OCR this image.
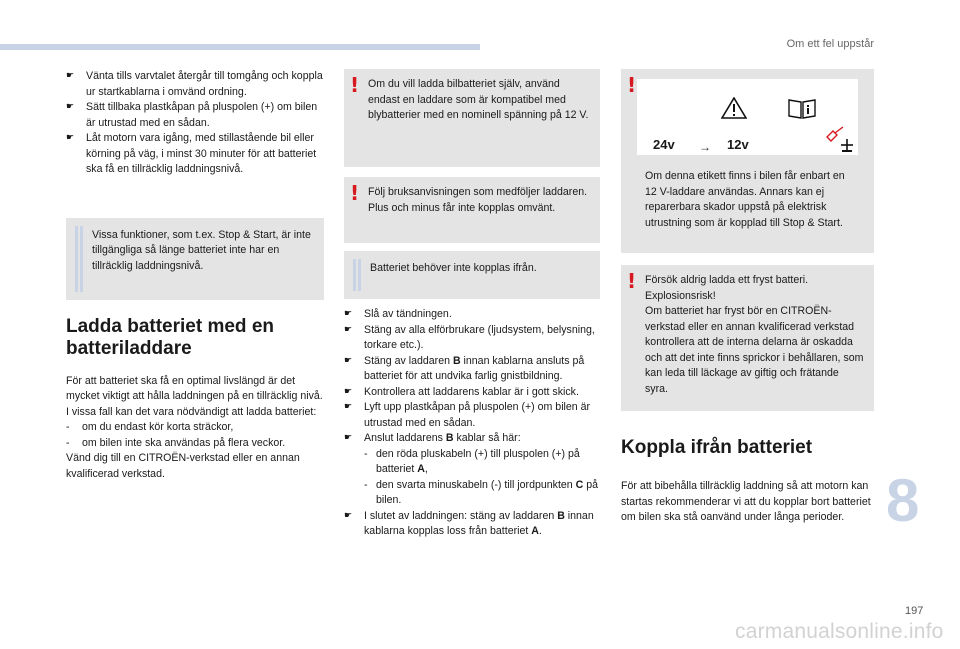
Om ett fel uppstår
☛ Vänta tills varvtalet återgår till tomgång och koppla ur startkablarna i omvänd ordning.
☛ Sätt tillbaka plastkåpan på pluspolen (+) om bilen är utrustad med en sådan.
☛ Låt motorn vara igång, med stillastående bil eller körning på väg, i minst 30 minuter för att batteriet ska få en tillräcklig laddningsnivå.
Vissa funktioner, som t.ex. Stop & Start, är inte tillgängliga så länge batteriet inte har en tillräcklig laddningsnivå.
Ladda batteriet med en batteriladdare
För att batteriet ska få en optimal livslängd är det mycket viktigt att hålla laddningen på en tillräcklig nivå.
I vissa fall kan det vara nödvändigt att ladda batteriet:
- om du endast kör korta sträckor,
- om bilen inte ska användas på flera veckor.
Vänd dig till en CITROËN-verkstad eller en annan kvalificerad verkstad.
! Om du vill ladda bilbatteriet själv, använd endast en laddare som är kompatibel med blybatterier med en nominell spänning på 12 V.
! Följ bruksanvisningen som medföljer laddaren.
Plus och minus får inte kopplas omvänt.
Batteriet behöver inte kopplas ifrån.
☛ Slå av tändningen.
☛ Stäng av alla elförbrukare (ljudsystem, belysning, torkare etc.).
☛ Stäng av laddaren B innan kablarna ansluts på batteriet för att undvika farlig gnistbildning.
☛ Kontrollera att laddarens kablar är i gott skick.
☛ Lyft upp plastkåpan på pluspolen (+) om bilen är utrustad med en sådan.
☛ Anslut laddarens B kablar så här:
- den röda pluskabeln (+) till pluspolen (+) på batteriet A,
- den svarta minuskabeln (-) till jordpunkten C på bilen.
☛ I slutet av laddningen: stäng av laddaren B innan kablarna kopplas loss från batteriet A.
!
24v → 12v
Om denna etikett finns i bilen får enbart en 12 V-laddare användas. Annars kan ej reparerbara skador uppstå på elektrisk utrustning som är kopplad till Stop & Start.
! Försök aldrig ladda ett fryst batteri.
Explosionsrisk!
Om batteriet har fryst bör en CITROËN-verkstad eller en annan kvalificerad verkstad kontrollera att de interna delarna är oskadda och att det inte finns sprickor i behållaren, som kan leda till läckage av giftig och frätande syra.
Koppla ifrån batteriet
För att bibehålla tillräcklig laddning så att motorn kan startas rekommenderar vi att du kopplar bort batteriet om bilen ska stå oanvänd under långa perioder. 8
197
carmanualsonline.info
